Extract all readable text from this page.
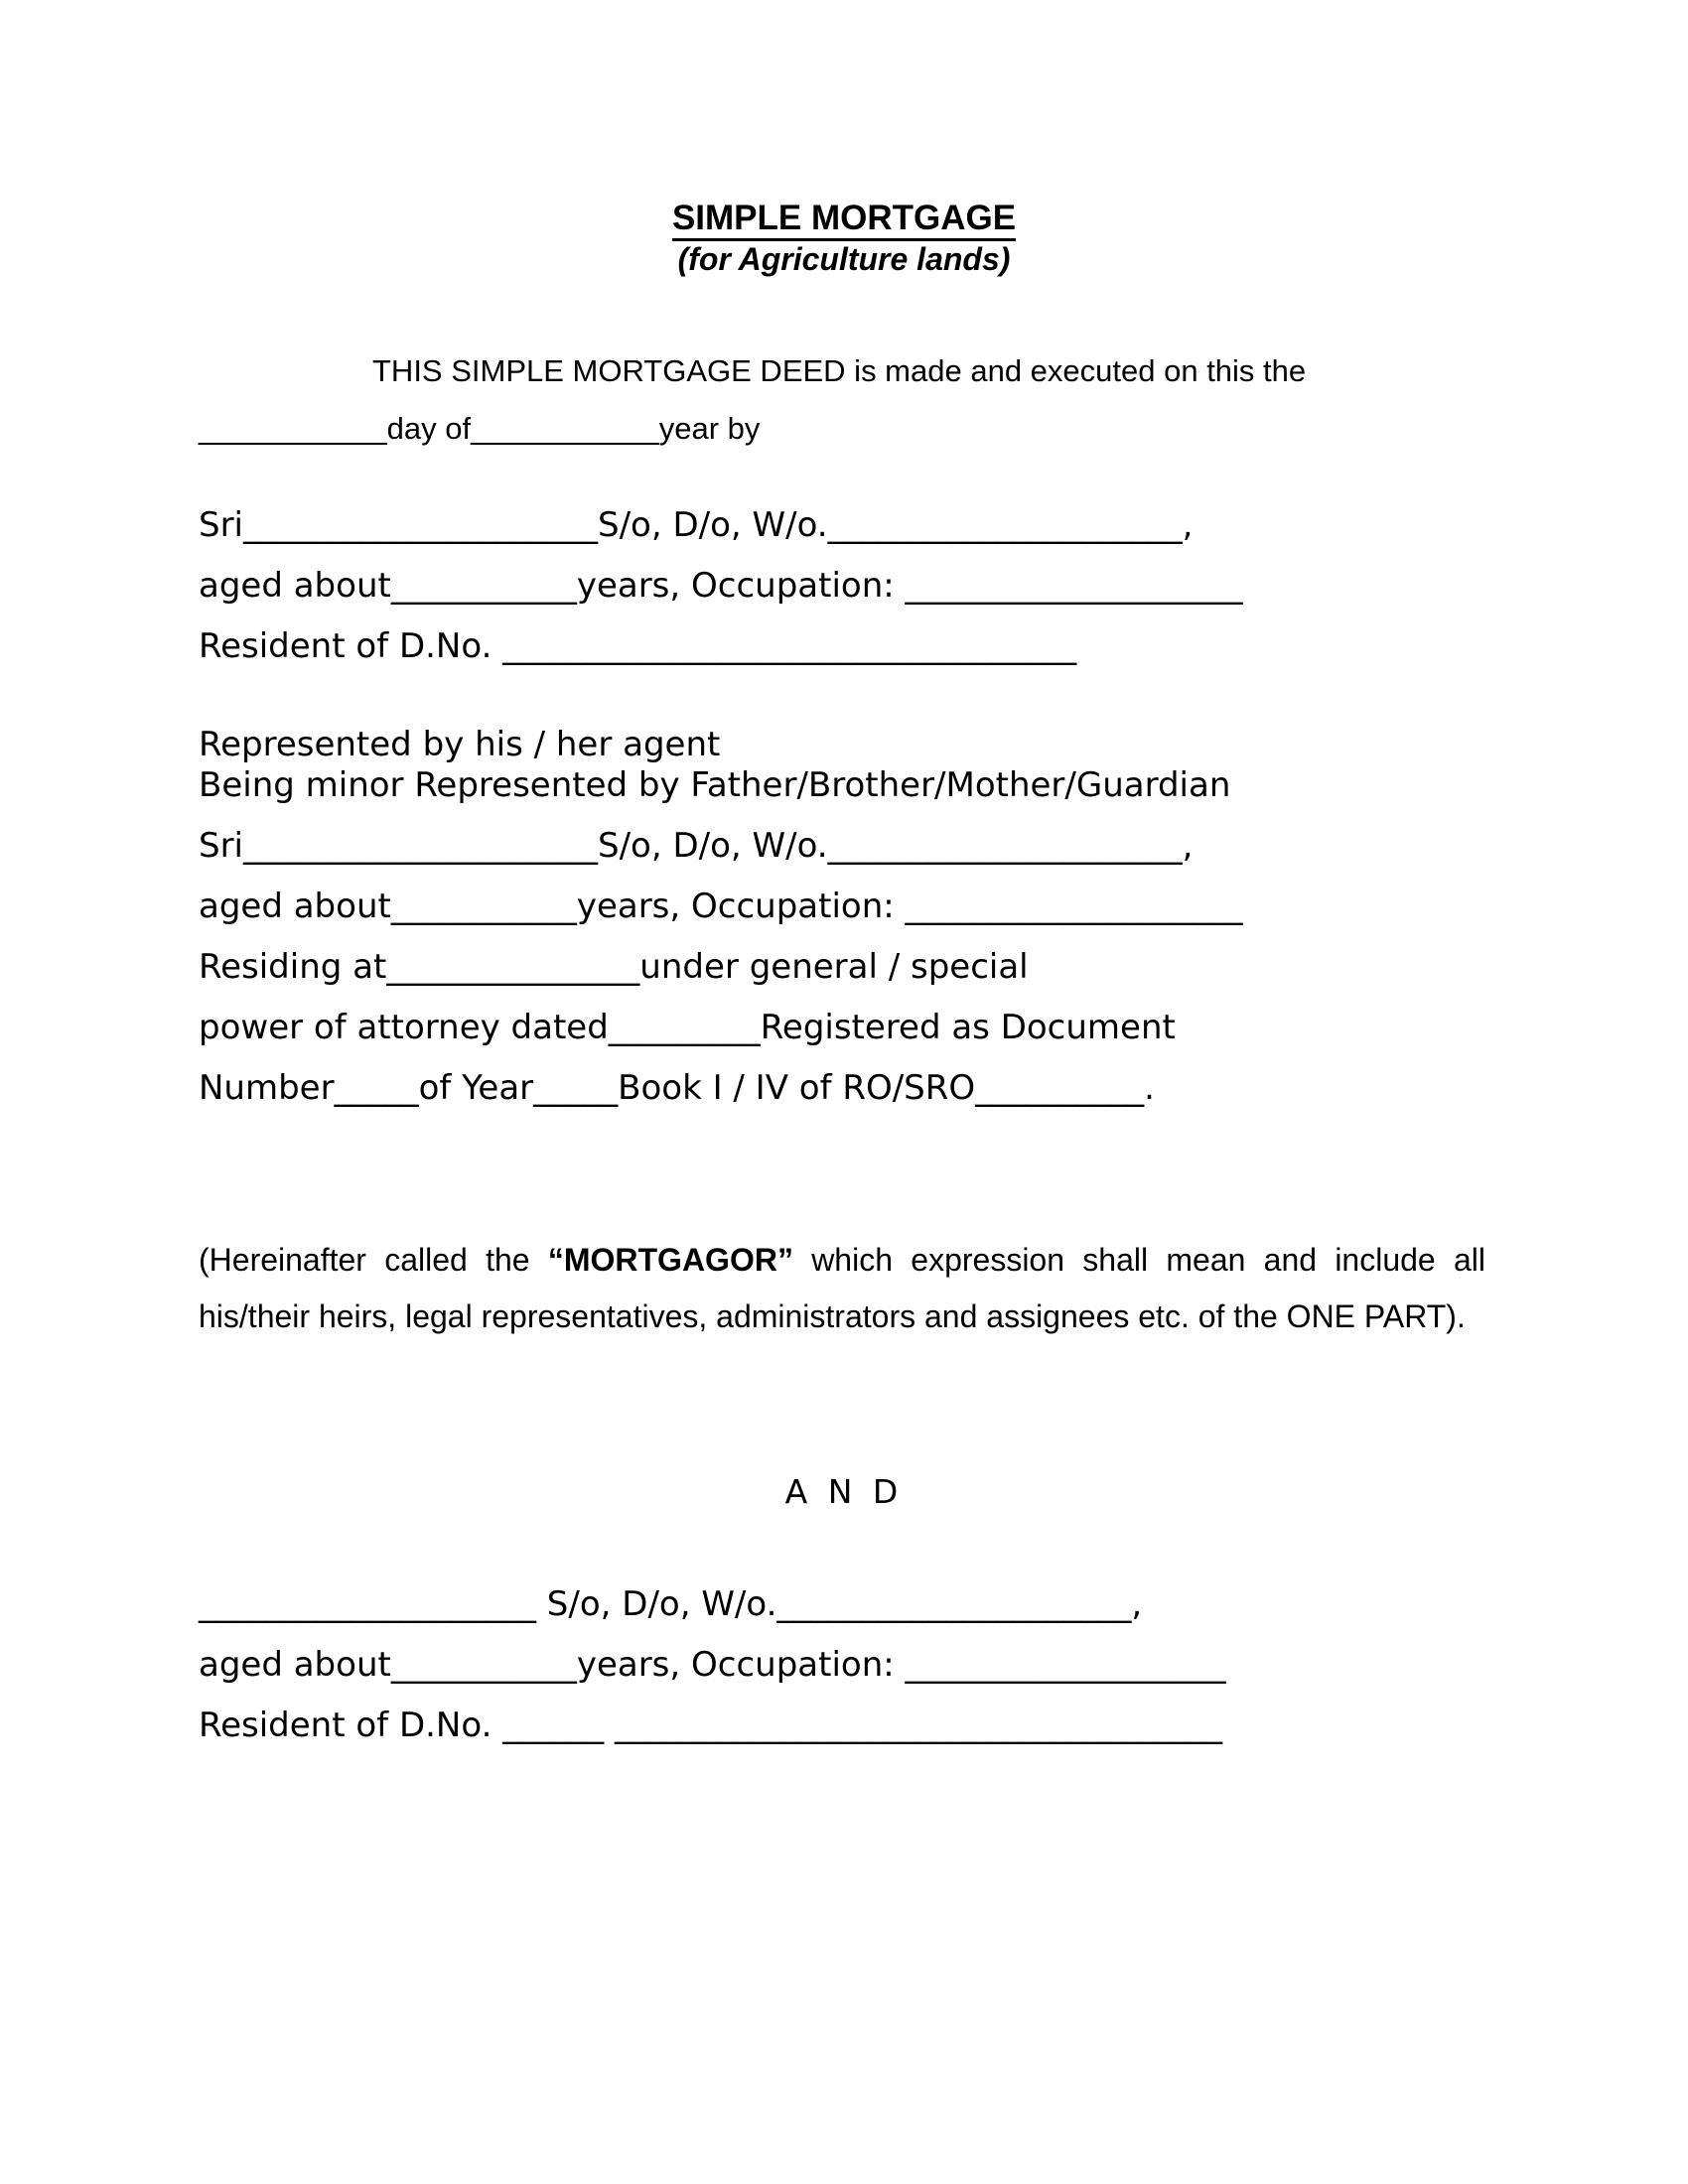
SIMPLE MORTGAGE
(for Agriculture lands)
THIS SIMPLE MORTGAGE DEED is made and executed on this the
___________day of___________year by
Sri_____________________S/o, D/o, W/o._____________________,
aged about___________years, Occupation: ____________________
Resident of D.No. __________________________________
Represented by his / her agent
Being minor Represented by Father/Brother/Mother/Guardian
Sri_____________________S/o, D/o, W/o._____________________,
aged about___________years, Occupation: ____________________
Residing at_______________under general / special
power of attorney dated_________Registered as Document
Number_____of Year_____Book I / IV of RO/SRO__________.
(Hereinafter called the “MORTGAGOR” which expression shall mean and include all his/their heirs, legal representatives, administrators and assignees etc. of the ONE PART).
A N D
____________________ S/o, D/o, W/o._____________________,
aged about___________years, Occupation: ___________________
Resident of D.No. ______ ____________________________________
